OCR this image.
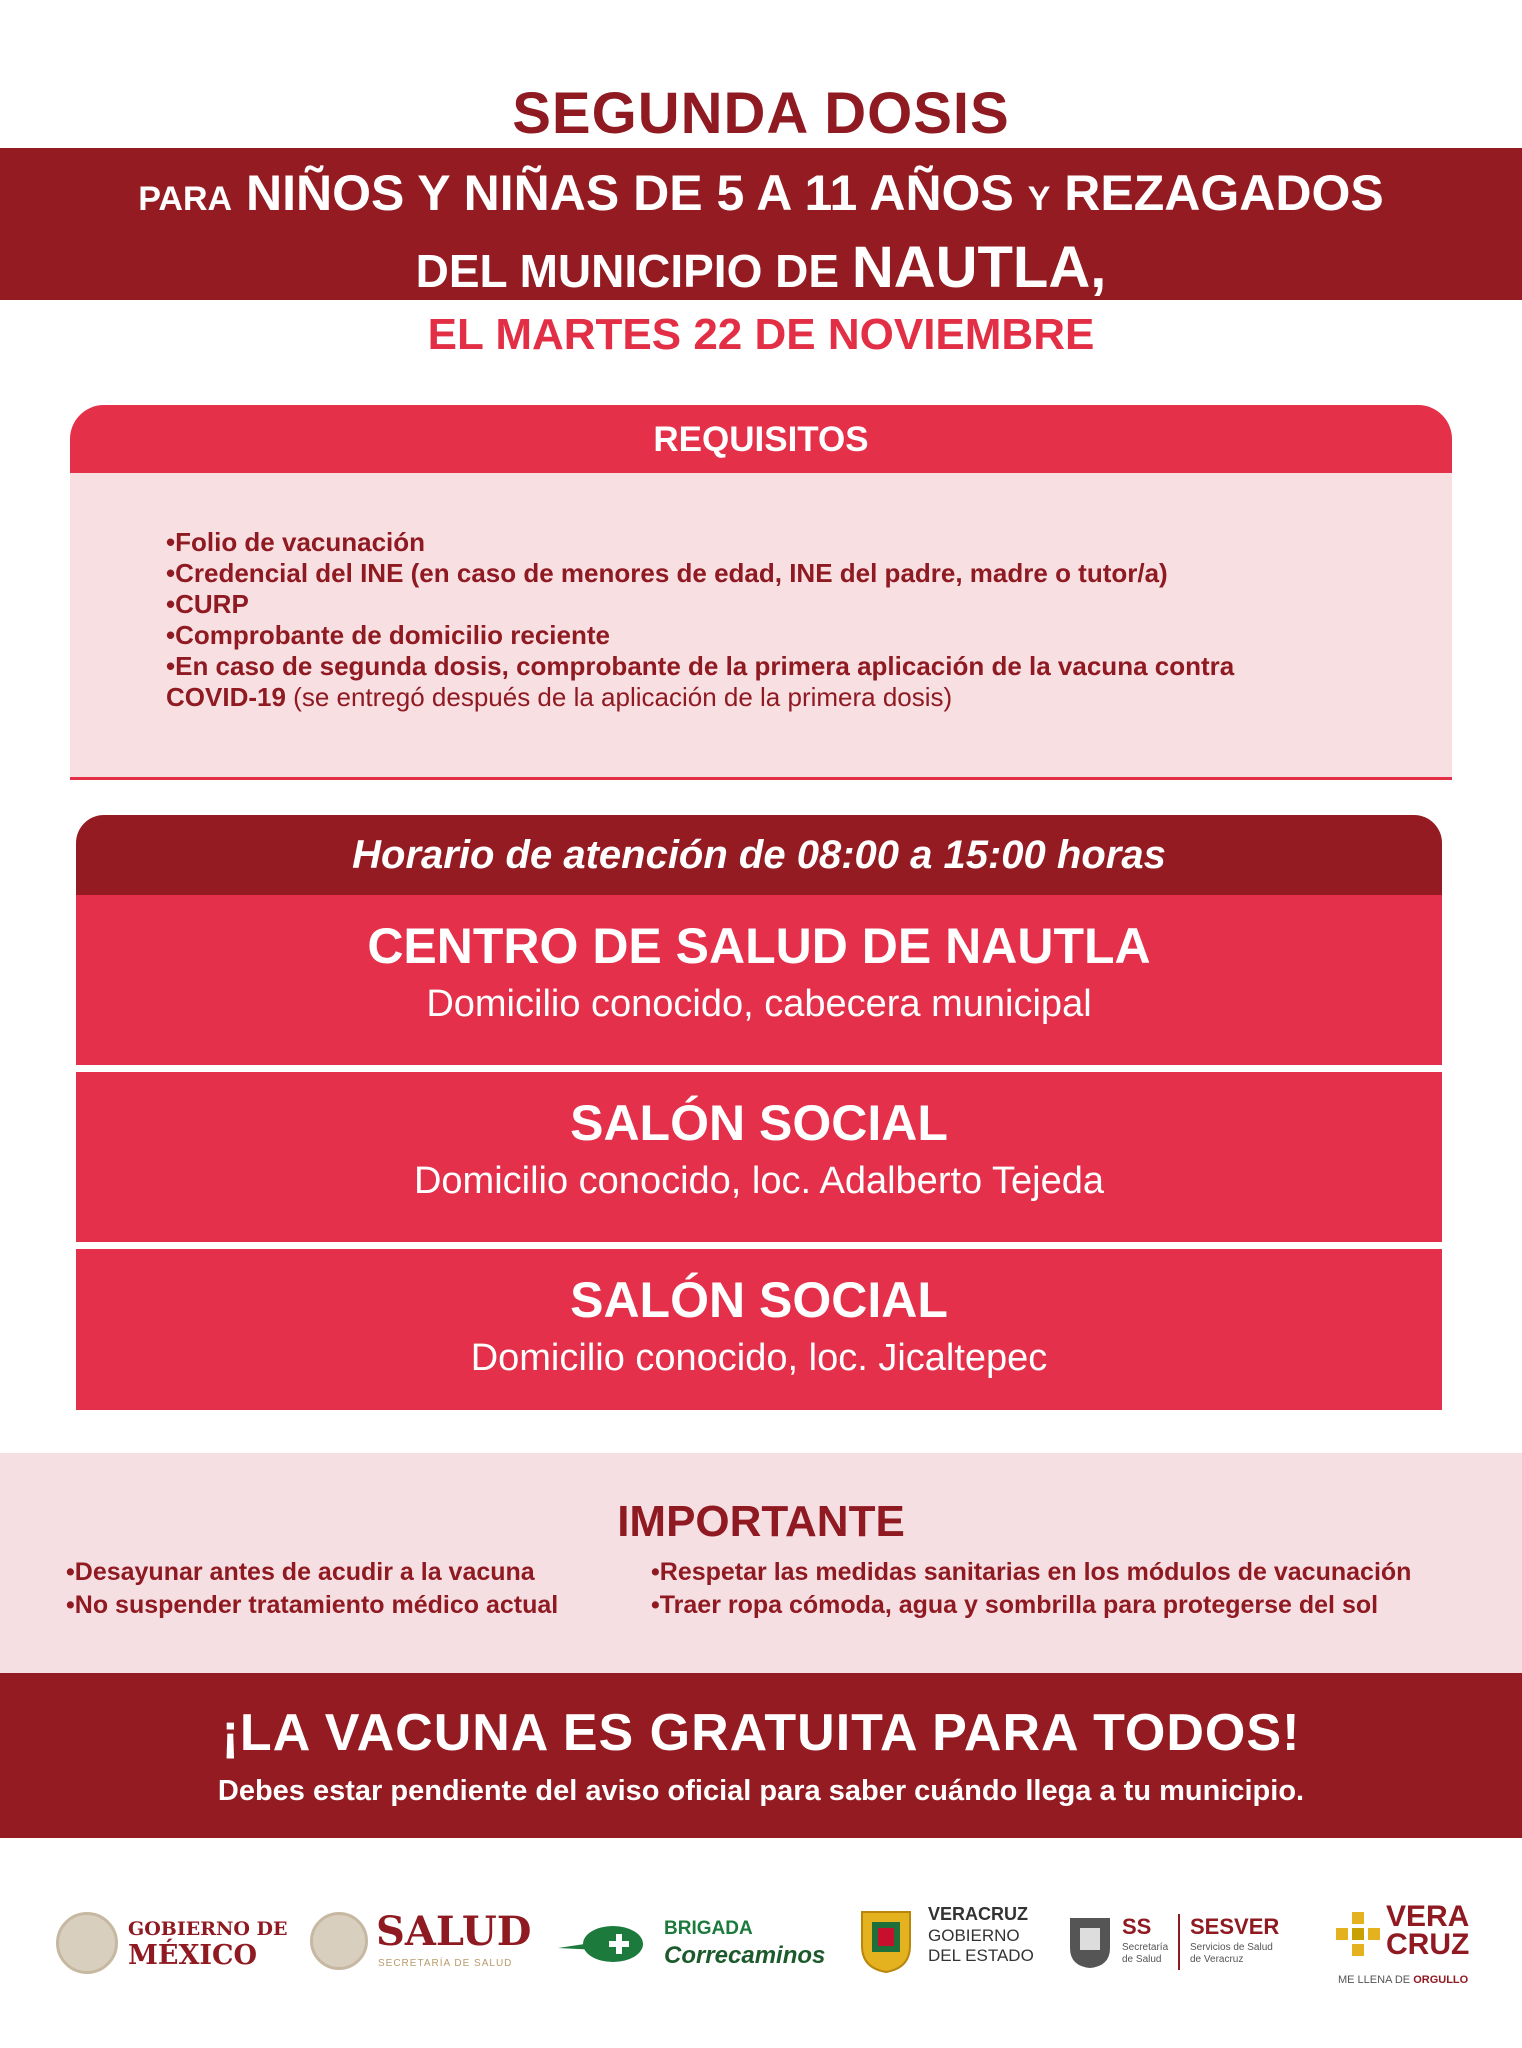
SEGUNDA DOSIS
PARA NIÑOS Y NIÑAS DE 5 A 11 AÑOS Y REZAGADOS
DEL MUNICIPIO DE NAUTLA,
EL MARTES 22 DE NOVIEMBRE
REQUISITOS
• Folio de vacunación
• Credencial del INE (en caso de menores de edad, INE del padre, madre o tutor/a)
• CURP
• Comprobante de domicilio reciente
• En caso de segunda dosis, comprobante de la primera aplicación de la vacuna contra
COVID-19 (se entregó después de la aplicación de la primera dosis)
Horario de atención de 08:00 a 15:00 horas
CENTRO DE SALUD DE NAUTLA
Domicilio conocido, cabecera municipal
SALÓN SOCIAL
Domicilio conocido, loc. Adalberto Tejeda
SALÓN SOCIAL
Domicilio conocido, loc. Jicaltepec
IMPORTANTE
• Desayunar antes de acudir a la vacuna
• No suspender tratamiento médico actual
• Respetar las medidas sanitarias en los módulos de vacunación
• Traer ropa cómoda, agua y sombrilla para protegerse del sol
¡LA VACUNA ES GRATUITA PARA TODOS!
Debes estar pendiente del aviso oficial para saber cuándo llega a tu municipio.
GOBIERNO DE
MÉXICO
SALUD
SECRETARÍA DE SALUD
BRIGADA
Correcaminos
VERACRUZ
GOBIERNO
DEL ESTADO
SS
Secretaría
de Salud
SESVER
Servicios de Salud
de Veracruz
VERA
CRUZ
ME LLENA DE ORGULLO
